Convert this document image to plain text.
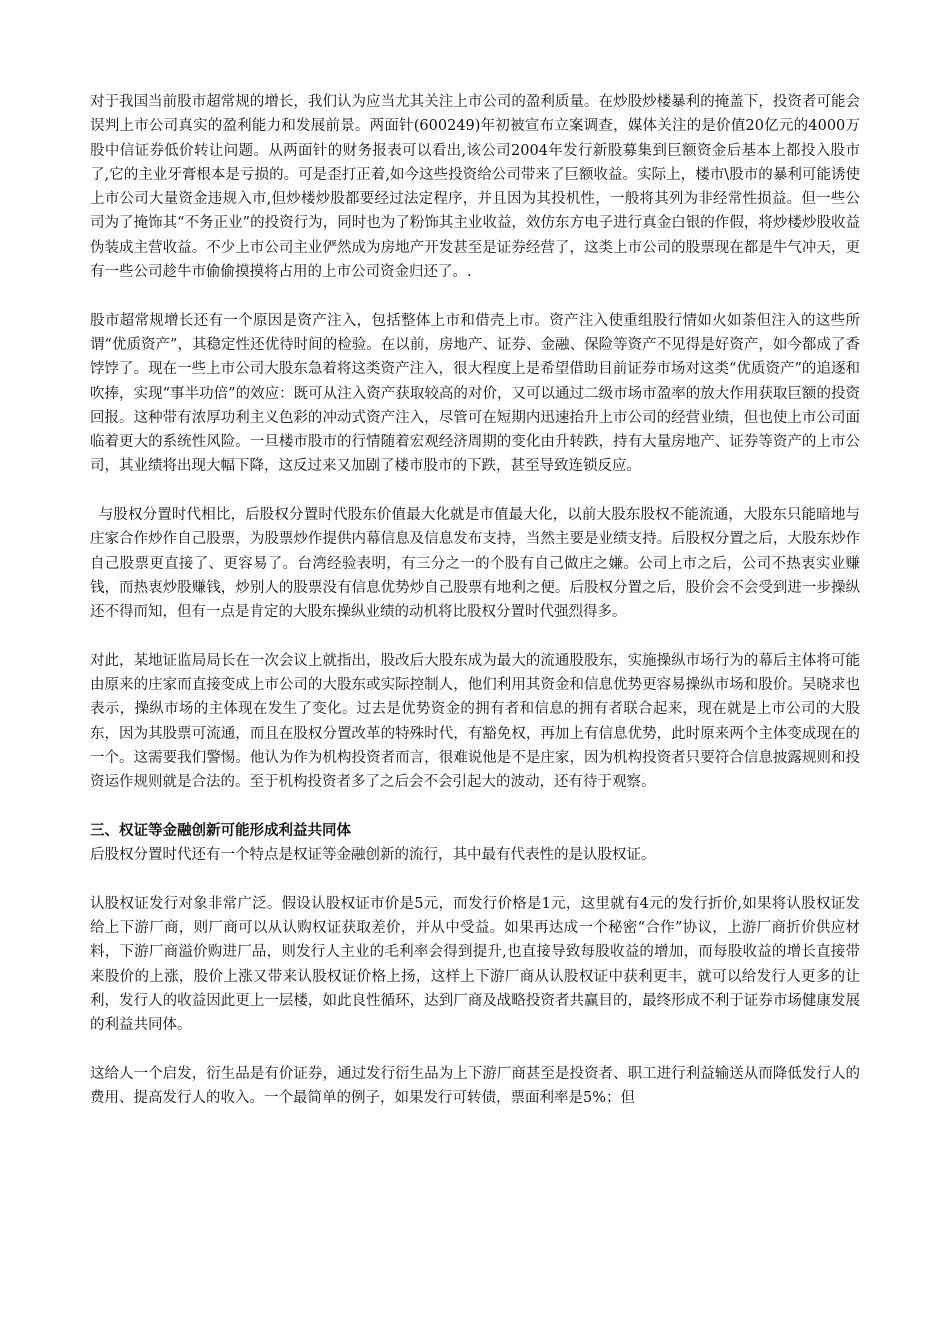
对于我国当前股市超常规的增长，我们认为应当尤其关注上市公司的盈利质量。在炒股炒楼暴利的掩盖下，投资者可能会误判上市公司真实的盈利能力和发展前景。两面针(600249)年初被宣布立案调查，媒体关注的是价值20亿元的4000万股中信证券低价转让问题。从两面针的财务报表可以看出,该公司2004年发行新股募集到巨额资金后基本上都投入股市了,它的主业牙膏根本是亏损的。可是歪打正着,如今这些投资给公司带来了巨额收益。实际上，楼市\股市的暴利可能诱使上市公司大量资金违规入市,但炒楼炒股都要经过法定程序，并且因为其投机性，一般将其列为非经常性损益。但一些公司为了掩饰其“不务正业”的投资行为，同时也为了粉饰其主业收益，效仿东方电子进行真金白银的作假，将炒楼炒股收益伪装成主营收益。不少上市公司主业俨然成为房地产开发甚至是证券经营了，这类上市公司的股票现在都是牛气冲天，更有一些公司趁牛市偷偷摸摸将占用的上市公司资金归还了。.

股市超常规增长还有一个原因是资产注入，包括整体上市和借壳上市。资产注入使重组股行情如火如荼但注入的这些所谓“优质资产”，其稳定性还优待时间的检验。在以前，房地产、证券、金融、保险等资产不见得是好资产，如今都成了香饽饽了。现在一些上市公司大股东急着将这类资产注入，很大程度上是希望借助目前证券市场对这类“优质资产”的追逐和吹捧，实现“事半功倍”的效应：既可从注入资产获取较高的对价，又可以通过二级市场市盈率的放大作用获取巨额的投资回报。这种带有浓厚功利主义色彩的冲动式资产注入，尽管可在短期内迅速抬升上市公司的经营业绩，但也使上市公司面临着更大的系统性风险。一旦楼市股市的行情随着宏观经济周期的变化由升转跌，持有大量房地产、证券等资产的上市公司，其业绩将出现大幅下降，这反过来又加剧了楼市股市的下跌，甚至导致连锁反应。

与股权分置时代相比，后股权分置时代股东价值最大化就是市值最大化，以前大股东股权不能流通，大股东只能暗地与庄家合作炒作自己股票，为股票炒作提供内幕信息及信息发布支持，当然主要是业绩支持。后股权分置之后，大股东炒作自己股票更直接了、更容易了。台湾经验表明，有三分之一的个股有自己做庄之嫌。公司上市之后，公司不热衷实业赚钱，而热衷炒股赚钱，炒别人的股票没有信息优势炒自己股票有地利之便。后股权分置之后，股价会不会受到进一步操纵还不得而知，但有一点是肯定的大股东操纵业绩的动机将比股权分置时代强烈得多。

对此，某地证监局局长在一次会议上就指出，股改后大股东成为最大的流通股股东，实施操纵市场行为的幕后主体将可能由原来的庄家而直接变成上市公司的大股东或实际控制人，他们利用其资金和信息优势更容易操纵市场和股价。吴晓求也表示，操纵市场的主体现在发生了变化。过去是优势资金的拥有者和信息的拥有者联合起来，现在就是上市公司的大股东，因为其股票可流通，而且在股权分置改革的特殊时代，有豁免权，再加上有信息优势，此时原来两个主体变成现在的一个。这需要我们警惕。他认为作为机构投资者而言，很难说他是不是庄家，因为机构投资者只要符合信息披露规则和投资运作规则就是合法的。至于机构投资者多了之后会不会引起大的波动，还有待于观察。

三、权证等金融创新可能形成利益共同体

后股权分置时代还有一个特点是权证等金融创新的流行，其中最有代表性的是认股权证。

认股权证发行对象非常广泛。假设认股权证市价是5元，而发行价格是1元，这里就有4元的发行折价,如果将认股权证发给上下游厂商，则厂商可以从认购权证获取差价，并从中受益。如果再达成一个秘密“合作”协议，上游厂商折价供应材料，下游厂商溢价购进厂品，则发行人主业的毛利率会得到提升,也直接导致每股收益的增加，而每股收益的增长直接带来股价的上涨，股价上涨又带来认股权证价格上扬，这样上下游厂商从认股权证中获利更丰，就可以给发行人更多的让利，发行人的收益因此更上一层楼，如此良性循环，达到厂商及战略投资者共赢目的，最终形成不利于证券市场健康发展的利益共同体。

这给人一个启发，衍生品是有价证券，通过发行衍生品为上下游厂商甚至是投资者、职工进行利益输送从而降低发行人的费用、提高发行人的收入。一个最简单的例子，如果发行可转债，票面利率是5%；但
